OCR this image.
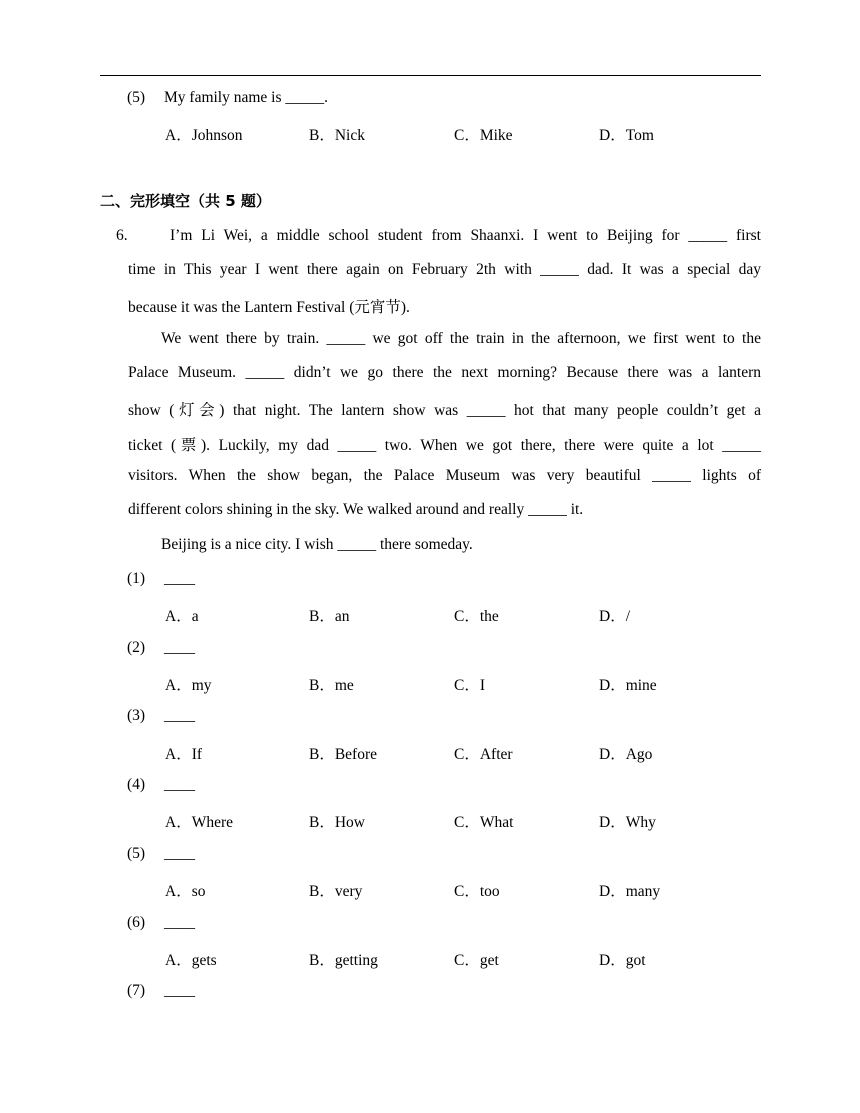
(5) My family name is _____.
A．Johnson	B．Nick	C．Mike	D．Tom
二、完形填空（共 5 题）
6.	I’m Li Wei, a middle school student from Shaanxi. I went to Beijing for _____ first
time in This year I went there again on February 2th with _____ dad. It was a special day
because it was the Lantern Festival (元宵节).
We went there by train. _____ we got off the train in the afternoon, we first went to the
Palace Museum. _____ didn’t we go there the next morning? Because there was a lantern
show (灯会) that night. The lantern show was _____ hot that many people couldn’t get a
ticket (票). Luckily, my dad _____ two. When we got there, there were quite a lot _____
visitors. When the show began, the Palace Museum was very beautiful _____ lights of
different colors shining in the sky. We walked around and really _____ it.
Beijing is a nice city. I wish _____ there someday.
(1) ____
A．a	B．an	C．the	D．/
(2) ____
A．my	B．me	C．I	D．mine
(3) ____
A．If	B．Before	C．After	D．Ago
(4) ____
A．Where	B．How	C．What	D．Why
(5) ____
A．so	B．very	C．too	D．many
(6) ____
A．gets	B．getting	C．get	D．got
(7) ____
